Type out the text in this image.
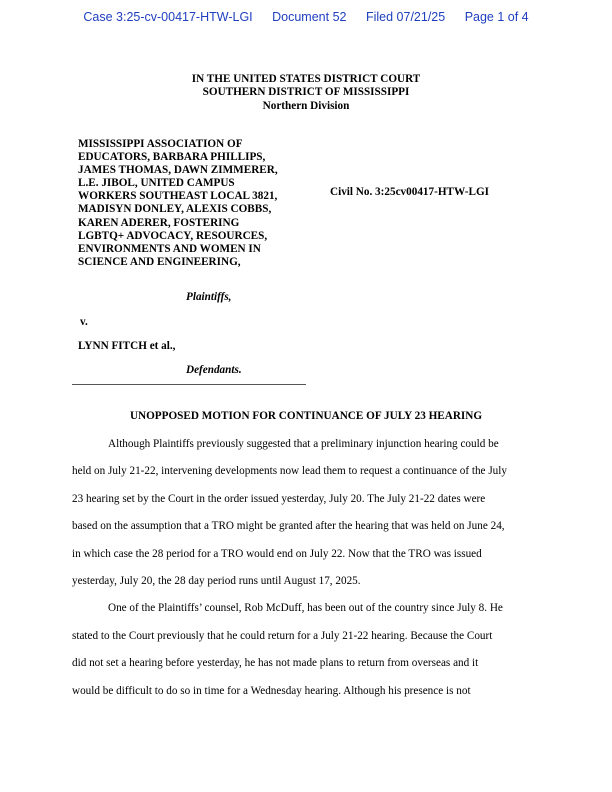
Case 3:25-cv-00417-HTW-LGI Document 52 Filed 07/21/25 Page 1 of 4
IN THE UNITED STATES DISTRICT COURT
SOUTHERN DISTRICT OF MISSISSIPPI
Northern Division
MISSISSIPPI ASSOCIATION OF
EDUCATORS, BARBARA PHILLIPS,
JAMES THOMAS, DAWN ZIMMERER,
L.E. JIBOL, UNITED CAMPUS
WORKERS SOUTHEAST LOCAL 3821,
MADISYN DONLEY, ALEXIS COBBS,
KAREN ADERER, FOSTERING
LGBTQ+ ADVOCACY, RESOURCES,
ENVIRONMENTS AND WOMEN IN
SCIENCE AND ENGINEERING,
Civil No. 3:25cv00417-HTW-LGI
Plaintiffs,
v.
LYNN FITCH et al.,
Defendants.
UNOPPOSED MOTION FOR CONTINUANCE OF JULY 23 HEARING

Although Plaintiffs previously suggested that a preliminary injunction hearing could be
held on July 21-22, intervening developments now lead them to request a continuance of the July
23 hearing set by the Court in the order issued yesterday, July 20. The July 21-22 dates were
based on the assumption that a TRO might be granted after the hearing that was held on June 24,
in which case the 28 period for a TRO would end on July 22. Now that the TRO was issued
yesterday, July 20, the 28 day period runs until August 17, 2025.

One of the Plaintiffs’ counsel, Rob McDuff, has been out of the country since July 8. He
stated to the Court previously that he could return for a July 21-22 hearing. Because the Court
did not set a hearing before yesterday, he has not made plans to return from overseas and it
would be difficult to do so in time for a Wednesday hearing. Although his presence is not
